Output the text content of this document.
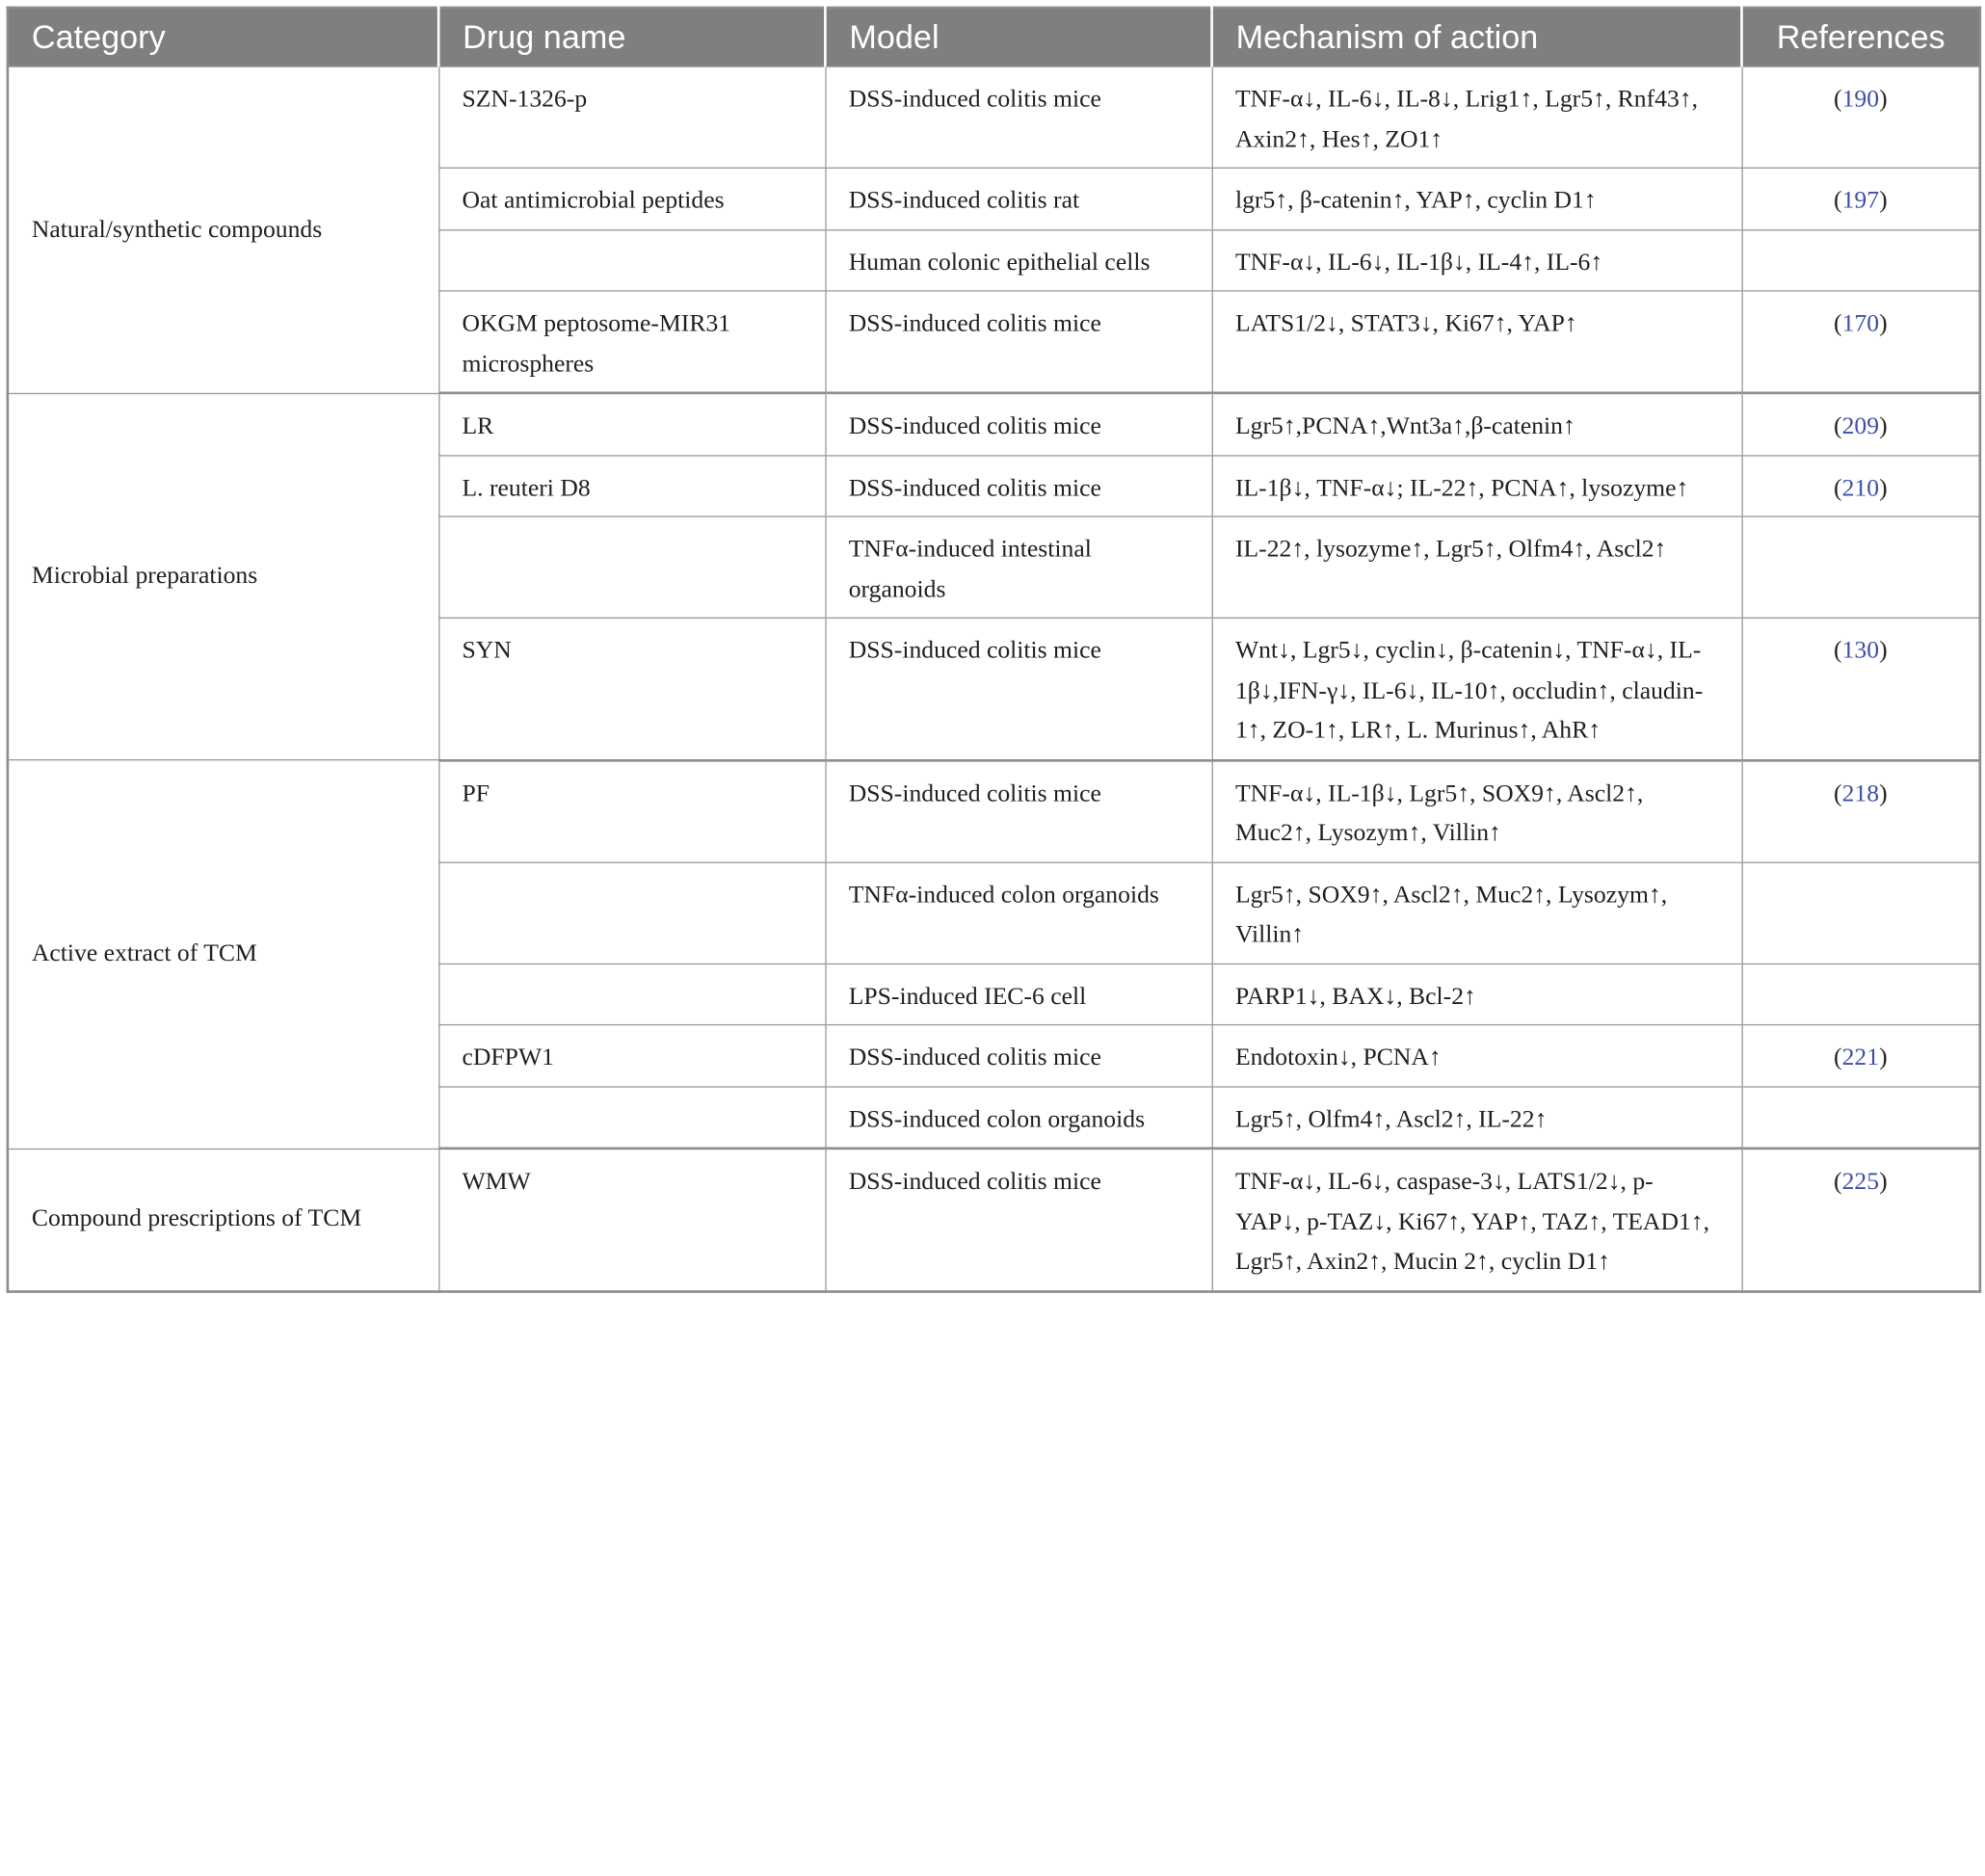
Category	Drug name	Model	Mechanism of action	References
Natural/synthetic compounds	SZN-1326-p	DSS-induced colitis mice	TNF-α↓, IL-6↓, IL-8↓, Lrig1↑, Lgr5↑, Rnf43↑, Axin2↑, Hes↑, ZO1↑	(190)
	Oat antimicrobial peptides	DSS-induced colitis rat	lgr5↑, β-catenin↑, YAP↑, cyclin D1↑	(197)
		Human colonic epithelial cells	TNF-α↓, IL-6↓, IL-1β↓, IL-4↑, IL-6↑	
	OKGM peptosome-MIR31 microspheres	DSS-induced colitis mice	LATS1/2↓, STAT3↓, Ki67↑, YAP↑	(170)
Microbial preparations	LR	DSS-induced colitis mice	Lgr5↑,PCNA↑,Wnt3a↑,β-catenin↑	(209)
	L. reuteri D8	DSS-induced colitis mice	IL-1β↓, TNF-α↓; IL-22↑, PCNA↑, lysozyme↑	(210)
		TNFα-induced intestinal organoids	IL-22↑, lysozyme↑, Lgr5↑, Olfm4↑, Ascl2↑	
	SYN	DSS-induced colitis mice	Wnt↓, Lgr5↓, cyclin↓, β-catenin↓, TNF-α↓, IL-1β↓,IFN-γ↓, IL-6↓, IL-10↑, occludin↑, claudin-1↑, ZO-1↑, LR↑, L. Murinus↑, AhR↑	(130)
Active extract of TCM	PF	DSS-induced colitis mice	TNF-α↓, IL-1β↓, Lgr5↑, SOX9↑, Ascl2↑, Muc2↑, Lysozym↑, Villin↑	(218)
		TNFα-induced colon organoids	Lgr5↑, SOX9↑, Ascl2↑, Muc2↑, Lysozym↑, Villin↑	
		LPS-induced IEC-6 cell	PARP1↓, BAX↓, Bcl-2↑	
	cDFPW1	DSS-induced colitis mice	Endotoxin↓, PCNA↑	(221)
		DSS-induced colon organoids	Lgr5↑, Olfm4↑, Ascl2↑, IL-22↑	
Compound prescriptions of TCM	WMW	DSS-induced colitis mice	TNF-α↓, IL-6↓, caspase-3↓, LATS1/2↓, p-YAP↓, p-TAZ↓, Ki67↑, YAP↑, TAZ↑, TEAD1↑, Lgr5↑, Axin2↑, Mucin 2↑, cyclin D1↑	(225)
